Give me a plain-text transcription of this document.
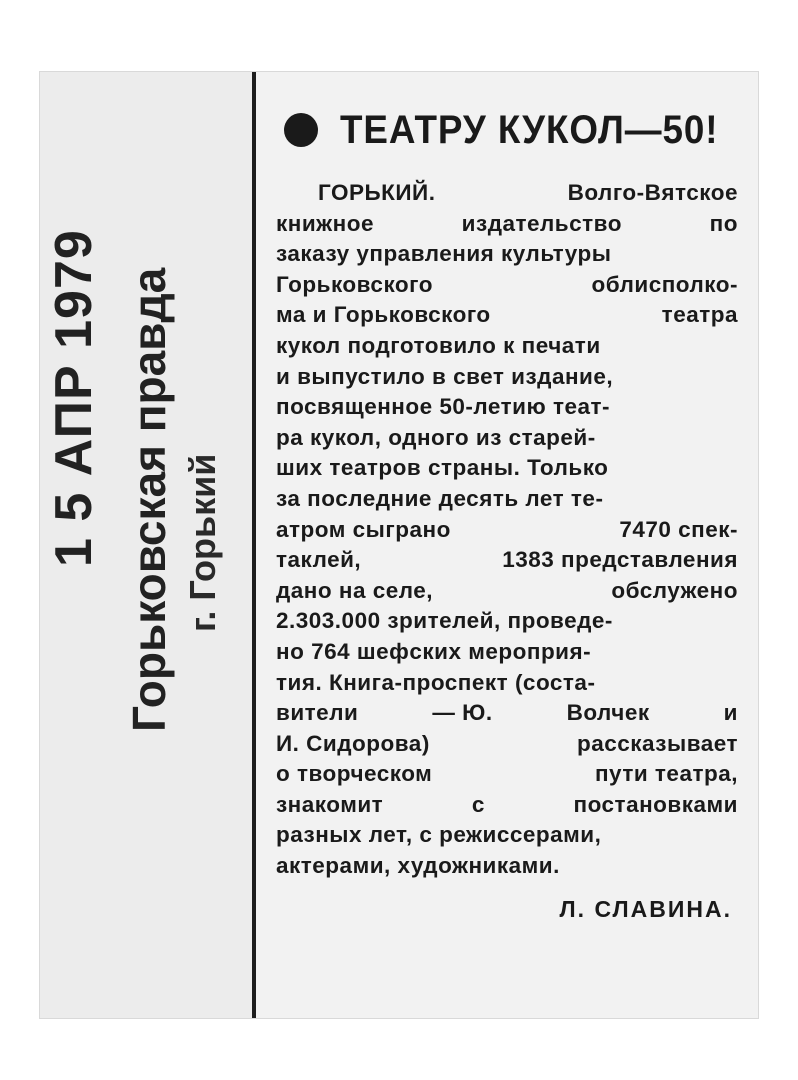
1 5 АПР 1979 Горьковская правда г. Горький
ТЕАТРУ КУКОЛ—50!
ГОРЬКИЙ.	Волго-Вятское
книжное	издательство	по
заказу управления культуры
Горьковского	облисполко-
ма и Горьковского	театра
кукол подготовило к печати
и выпустило в свет издание,
посвященное 50-летию теат-
ра кукол, одного из старей-
ших театров страны. Только
за последние десять лет те-
атром сыграно	7470 спек-
таклей,	1383 представления
дано на селе,	обслужено
2.303.000 зрителей, проведе-
но 764 шефских мероприя-
тия. Книга-проспект (соста-
вители	— Ю.	Волчек	и
И. Сидорова)	рассказывает
о творческом	пути театра,
знакомит	с	постановками
разных лет, с режиссерами,
актерами, художниками.
Л. СЛАВИНА.
